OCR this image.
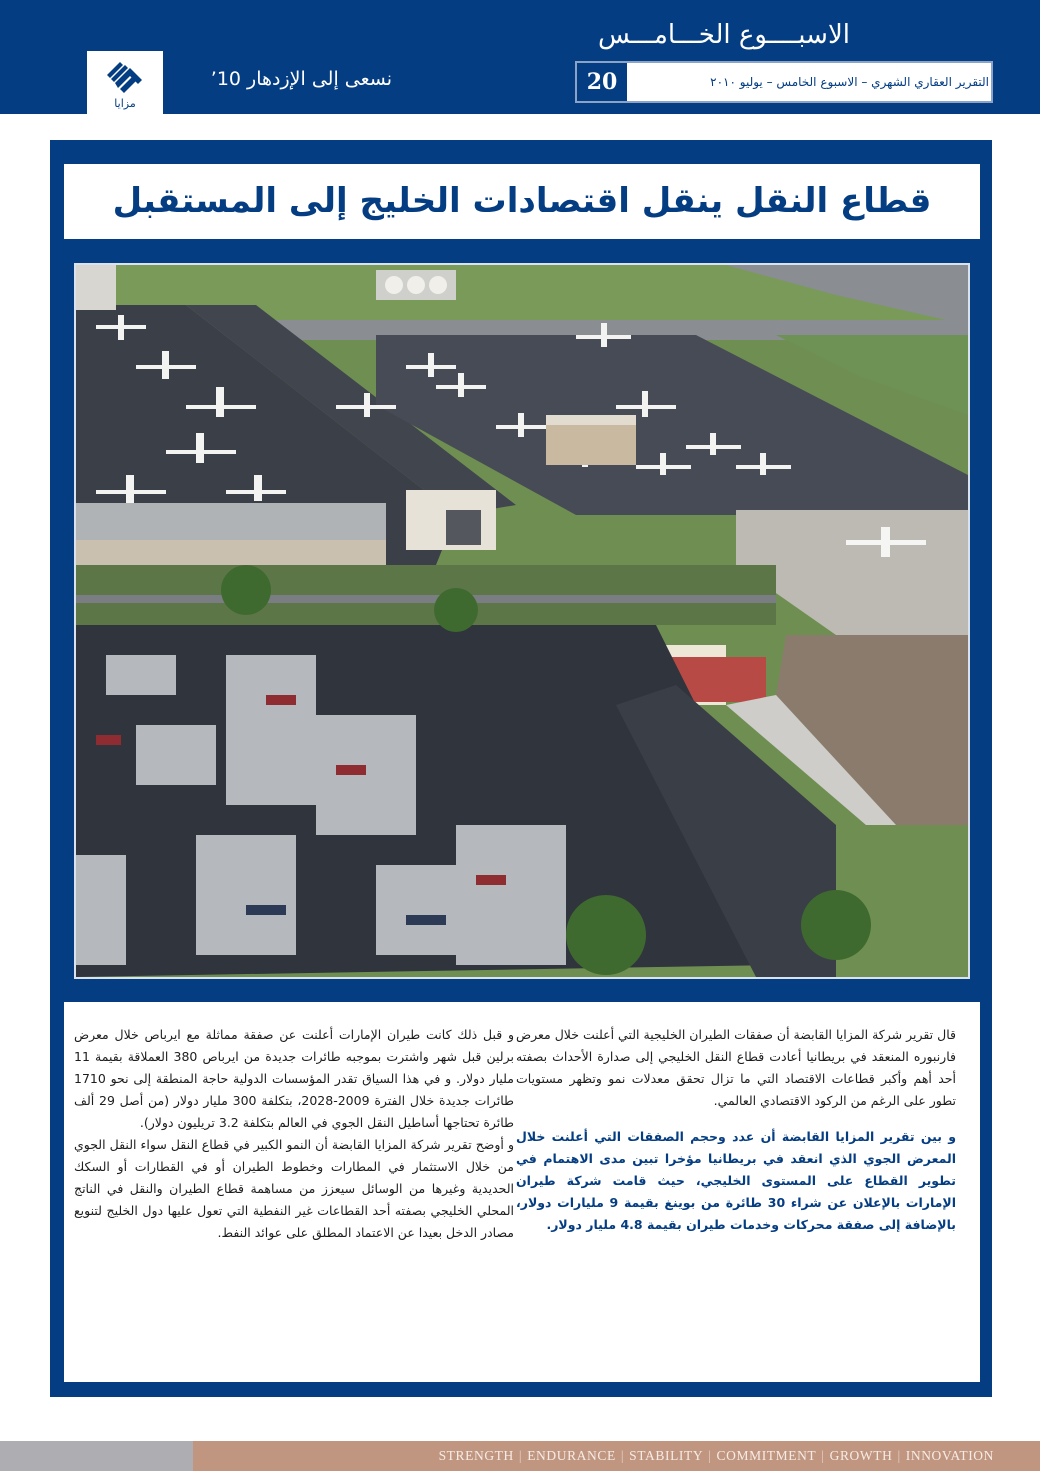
مزايا
نسعى إلى الإزدهار 10’
الاسبــــوع الخـــامـــس
20	التقرير العقاري الشهري – الاسبوع الخامس – يوليو ٢٠١٠
قطاع النقل ينقل اقتصادات الخليج إلى المستقبل

قال تقرير شركة المزايا القابضة أن صفقات الطيران الخليجية التي أعلنت خلال معرض فارنبوره المنعقد في بريطانيا أعادت قطاع النقل الخليجي إلى صدارة الأحداث بصفته أحد أهم وأكبر قطاعات الاقتصاد التي ما تزال تحقق معدلات نمو وتظهر مستويات تطور على الرغم من الركود الاقتصادي العالمي.

و بين تقرير المزايا القابضة أن عدد وحجم الصفقات التي أعلنت خلال المعرض الجوي الذي انعقد في بريطانيا مؤخرا تبين مدى الاهتمام في تطوير القطاع على المستوى الخليجي، حيث قامت شركة طيران الإمارات بالإعلان عن شراء 30 طائرة من بوينغ بقيمة 9 مليارات دولار، بالإضافة إلى صفقة محركات وخدمات طيران بقيمة 4.8 مليار دولار.

و قبل ذلك كانت طيران الإمارات أعلنت عن صفقة مماثلة مع ايرباص خلال معرض برلين قبل شهر واشترت بموجبه طائرات جديدة من ايرباص 380 العملاقة بقيمة 11 مليار دولار. و في هذا السياق تقدر المؤسسات الدولية حاجة المنطقة إلى نحو 1710 طائرات جديدة خلال الفترة 2009-2028، بتكلفة 300 مليار دولار (من أصل 29 ألف طائرة تحتاجها أساطيل النقل الجوي في العالم بتكلفة 3.2 تريليون دولار).

و أوضح تقرير شركة المزايا القابضة أن النمو الكبير في قطاع النقل سواء النقل الجوي من خلال الاستثمار في المطارات وخطوط الطيران أو في القطارات أو السكك الحديدية وغيرها من الوسائل سيعزز من مساهمة قطاع الطيران والنقل في الناتج المحلي الخليجي بصفته أحد القطاعات غير النفطية التي تعول عليها دول الخليج لتنويع مصادر الدخل بعيدا عن الاعتماد المطلق على عوائد النفط.

STRENGTH | ENDURANCE | STABILITY | COMMITMENT | GROWTH | INNOVATION
